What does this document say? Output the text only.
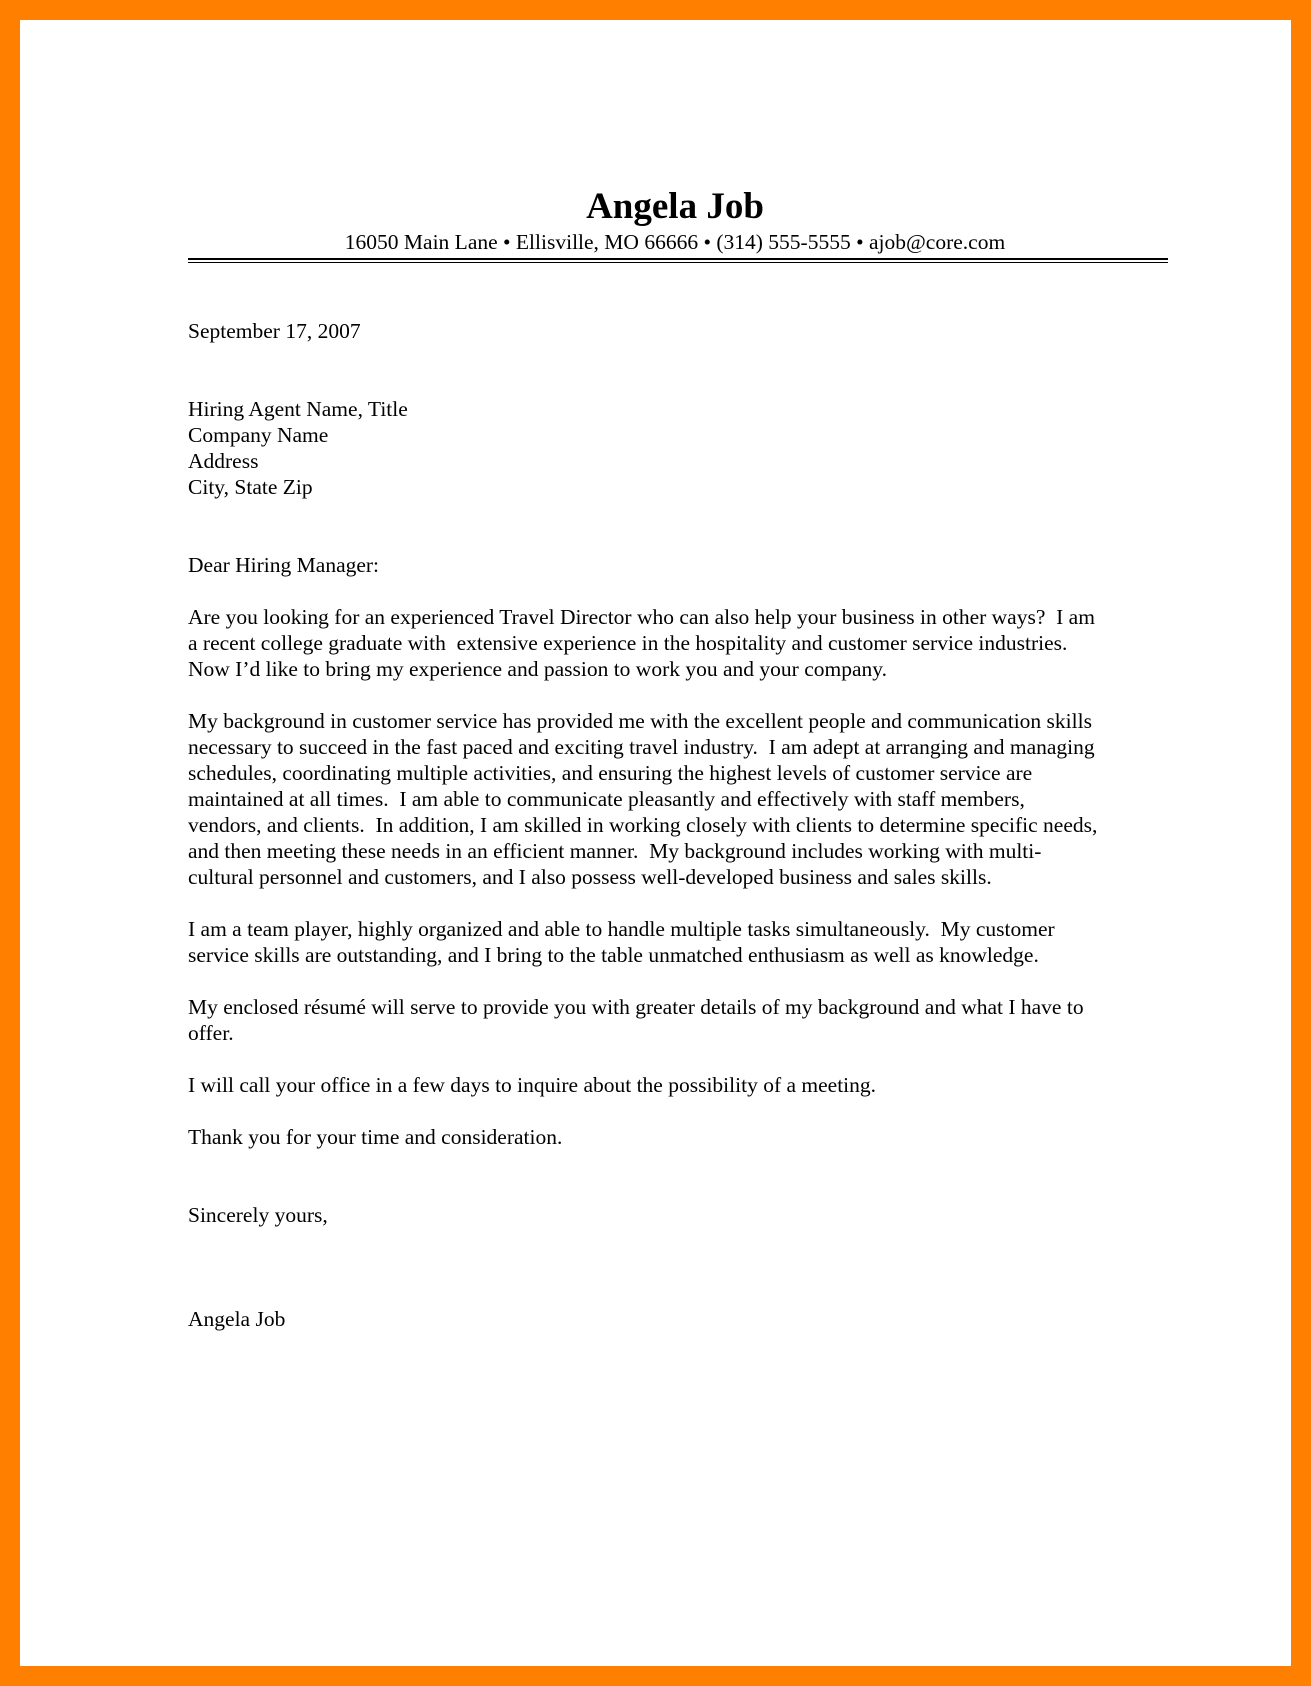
Angela Job

16050 Main Lane • Ellisville, MO 66666 • (314) 555-5555 • ajob@core.com

September 17, 2007

Hiring Agent Name, Title
Company Name
Address
City, State Zip

Dear Hiring Manager:

Are you looking for an experienced Travel Director who can also help your business in other ways?  I am
a recent college graduate with  extensive experience in the hospitality and customer service industries.
Now I’d like to bring my experience and passion to work you and your company.
My background in customer service has provided me with the excellent people and communication skills
necessary to succeed in the fast paced and exciting travel industry.  I am adept at arranging and managing
schedules, coordinating multiple activities, and ensuring the highest levels of customer service are
maintained at all times.  I am able to communicate pleasantly and effectively with staff members,
vendors, and clients.  In addition, I am skilled in working closely with clients to determine specific needs,
and then meeting these needs in an efficient manner.  My background includes working with multi-
cultural personnel and customers, and I also possess well-developed business and sales skills.
I am a team player, highly organized and able to handle multiple tasks simultaneously.  My customer
service skills are outstanding, and I bring to the table unmatched enthusiasm as well as knowledge.
My enclosed résumé will serve to provide you with greater details of my background and what I have to
offer.
I will call your office in a few days to inquire about the possibility of a meeting.
Thank you for your time and consideration.

Sincerely yours,

Angela Job
